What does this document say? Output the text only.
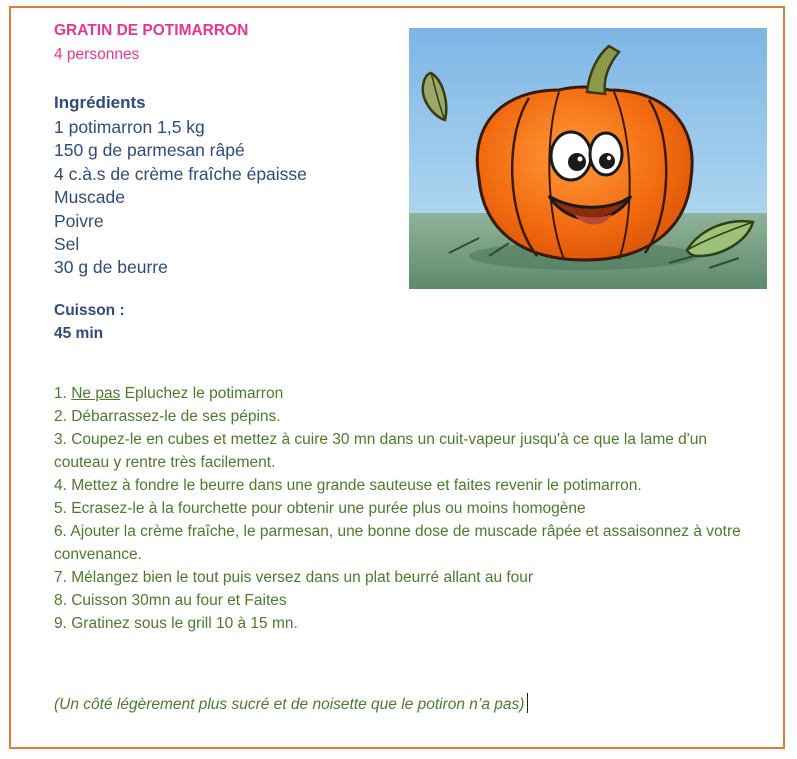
GRATIN DE POTIMARRON
4 personnes
Ingrédients
1 potimarron 1,5 kg
150 g de parmesan râpé
4 c.à.s de crème fraîche épaisse
Muscade
Poivre
Sel
30 g de beurre
Cuisson :
45 min

1. Ne pas Epluchez le potimarron

2. Débarrassez-le de ses pépins.

3. Coupez-le en cubes et mettez à cuire 30 mn dans un cuit-vapeur jusqu'à ce que la lame d'un couteau y rentre très facilement.

4. Mettez à fondre le beurre dans une grande sauteuse et faites revenir le potimarron.

5. Ecrasez-le à la fourchette pour obtenir une purée plus ou moins homogène

6. Ajouter la crème fraîche, le parmesan, une bonne dose de muscade râpée et assaisonnez à votre convenance.

7. Mélangez bien le tout puis versez dans un plat beurré allant au four

8. Cuisson 30mn au four et Faites

9. Gratinez sous le grill 10 à 15 mn.

(Un côté légèrement plus sucré et de noisette que le potiron n’a pas)
